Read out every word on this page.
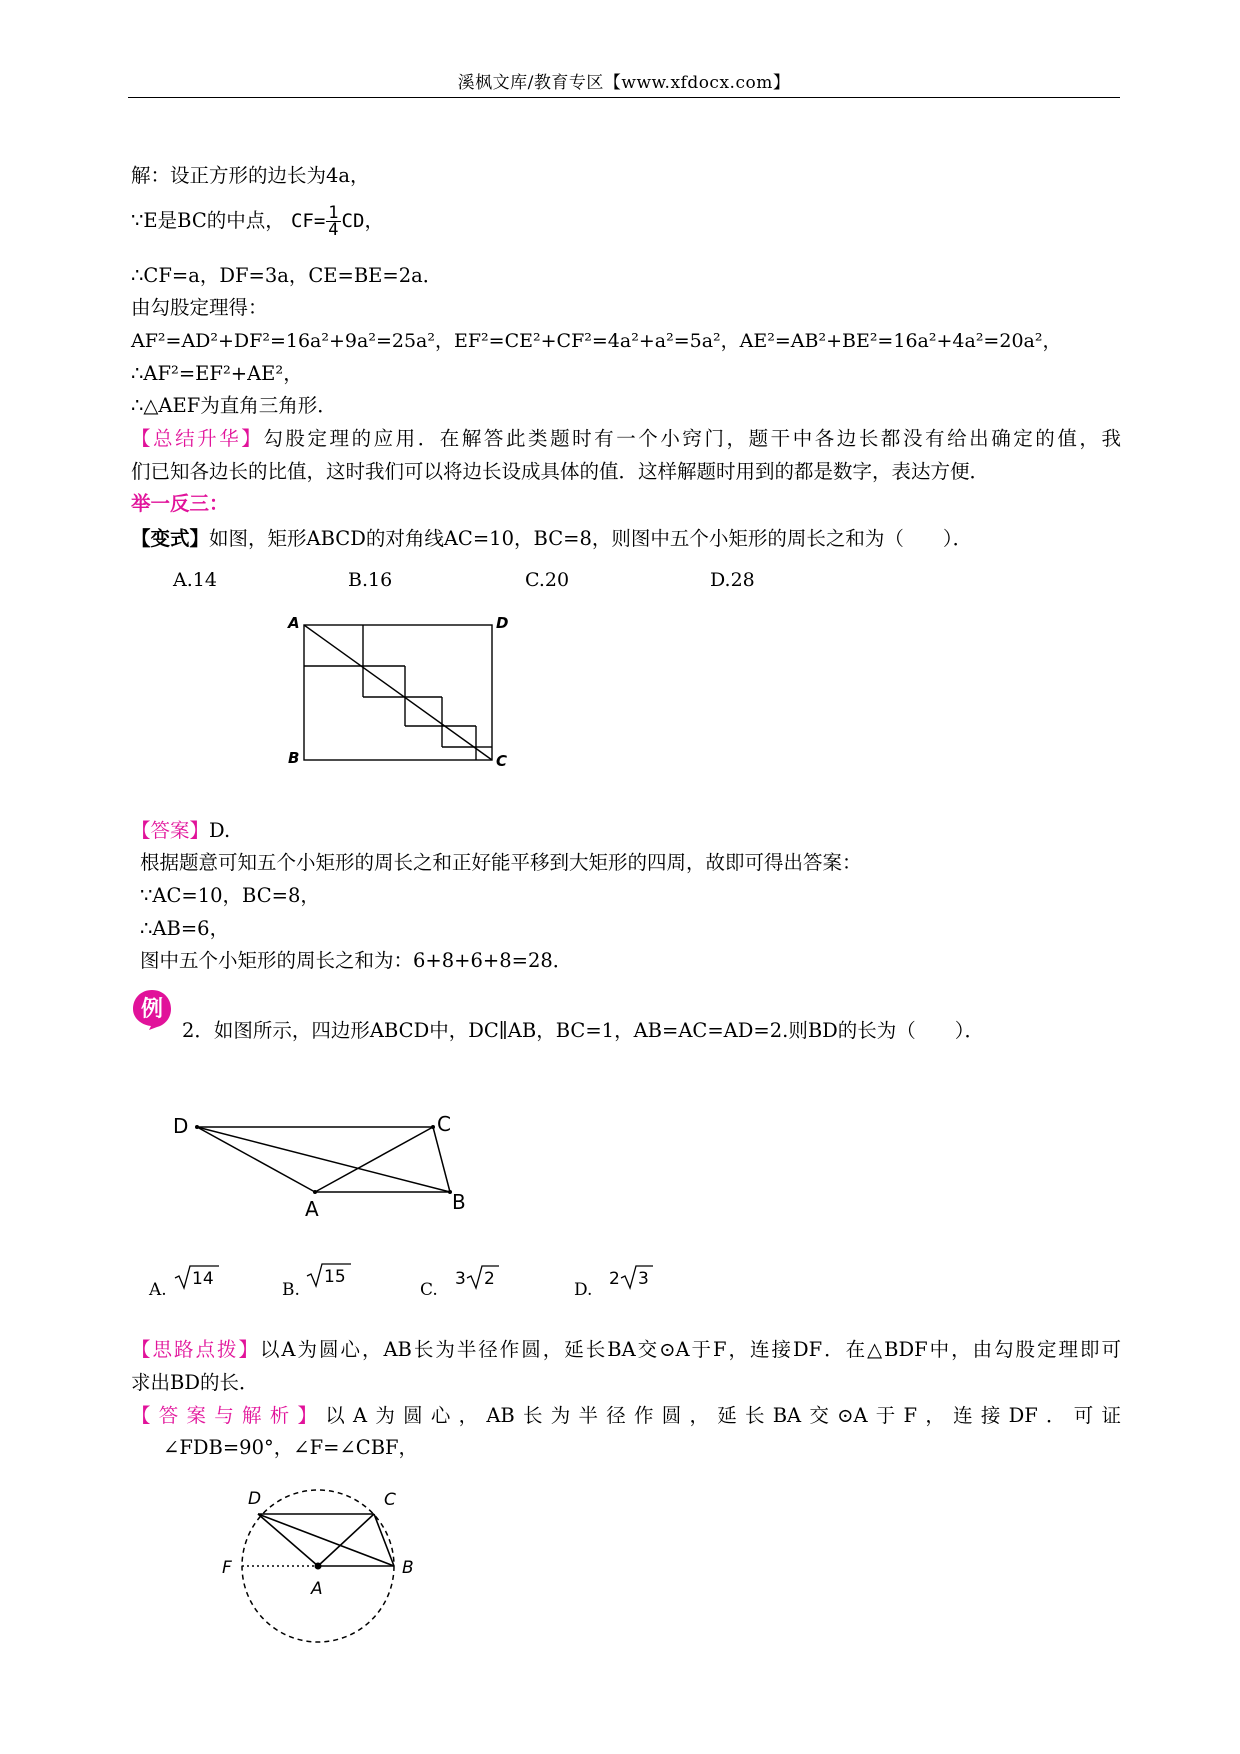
溪枫文库/教育专区【www.xfdocx.com】
解：设正方形的边长为4a，
∵E是BC的中点， $CF= \frac{1}{4}$ CD，
∴CF=a，DF=3a，CE=BE=2a．
由勾股定理得：
AF²=AD²+DF²=16a²+9a²=25a²，EF²=CE²+CF²=4a²+a²=5a²，AE²=AB²+BE²=16a²+4a²=20a²，
∴AF²=EF²+AE²，
∴△AEF为直角三角形．
【总结升华】勾股定理的应用．在解答此类题时有一个小窍门，题干中各边长都没有给出确定的值，我
们已知各边长的比值，这时我们可以将边长设成具体的值．这样解题时用到的都是数字，表达方便．
举一反三：
【变式】如图，矩形ABCD的对角线AC=10，BC=8，则图中五个小矩形的周长之和为（　　）．
A.14	B.16	C.20	D.28
A	D
B	C
【答案】D.
根据题意可知五个小矩形的周长之和正好能平移到大矩形的四周，故即可得出答案：
∵AC=10，BC=8，
∴AB=6，
图中五个小矩形的周长之和为：6+8+6+8=28．
例
2．如图所示，四边形ABCD中，DC∥AB，BC=1，AB=AC=AD=2.则BD的长为（　　）．
D	C
A	B
A.
14
B.
15
C.
3 2
D.
2 3
【思路点拨】以A为圆心，AB长为半径作圆，延长BA交⊙A于F，连接DF．在△BDF中，由勾股定理即可
求出BD的长．
【答案与解析】以A为圆心，AB长为半径作圆，延长BA交⊙A于F，连接DF．可证
∠FDB=90°，∠F=∠CBF，
D	C
F
A
B
